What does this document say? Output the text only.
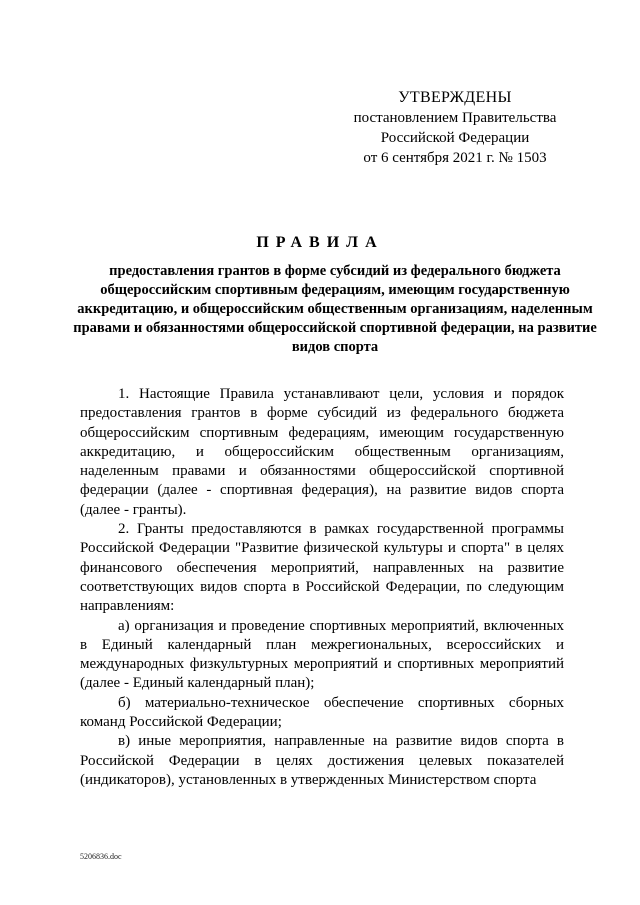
УТВЕРЖДЕНЫ
постановлением Правительства
Российской Федерации
от 6 сентября 2021 г. № 1503
ПРАВИЛА
предоставления грантов в форме субсидий из федерального бюджета общероссийским спортивным федерациям, имеющим государственную аккредитацию, и общероссийским общественным организациям, наделенным правами и обязанностями общероссийской спортивной федерации, на развитие видов спорта

1. Настоящие Правила устанавливают цели, условия и порядок предоставления грантов в форме субсидий из федерального бюджета общероссийским спортивным федерациям, имеющим государственную аккредитацию, и общероссийским общественным организациям, наделенным правами и обязанностями общероссийской спортивной федерации (далее - спортивная федерация), на развитие видов спорта (далее - гранты).

2. Гранты предоставляются в рамках государственной программы Российской Федерации "Развитие физической культуры и спорта" в целях финансового обеспечения мероприятий, направленных на развитие соответствующих видов спорта в Российской Федерации, по следующим направлениям:

а) организация и проведение спортивных мероприятий, включенных в Единый календарный план межрегиональных, всероссийских и международных физкультурных мероприятий и спортивных мероприятий (далее - Единый календарный план);

б) материально-техническое обеспечение спортивных сборных команд Российской Федерации;

в) иные мероприятия, направленные на развитие видов спорта в Российской Федерации в целях достижения целевых показателей (индикаторов), установленных в утвержденных Министерством спорта

5206836.doc
